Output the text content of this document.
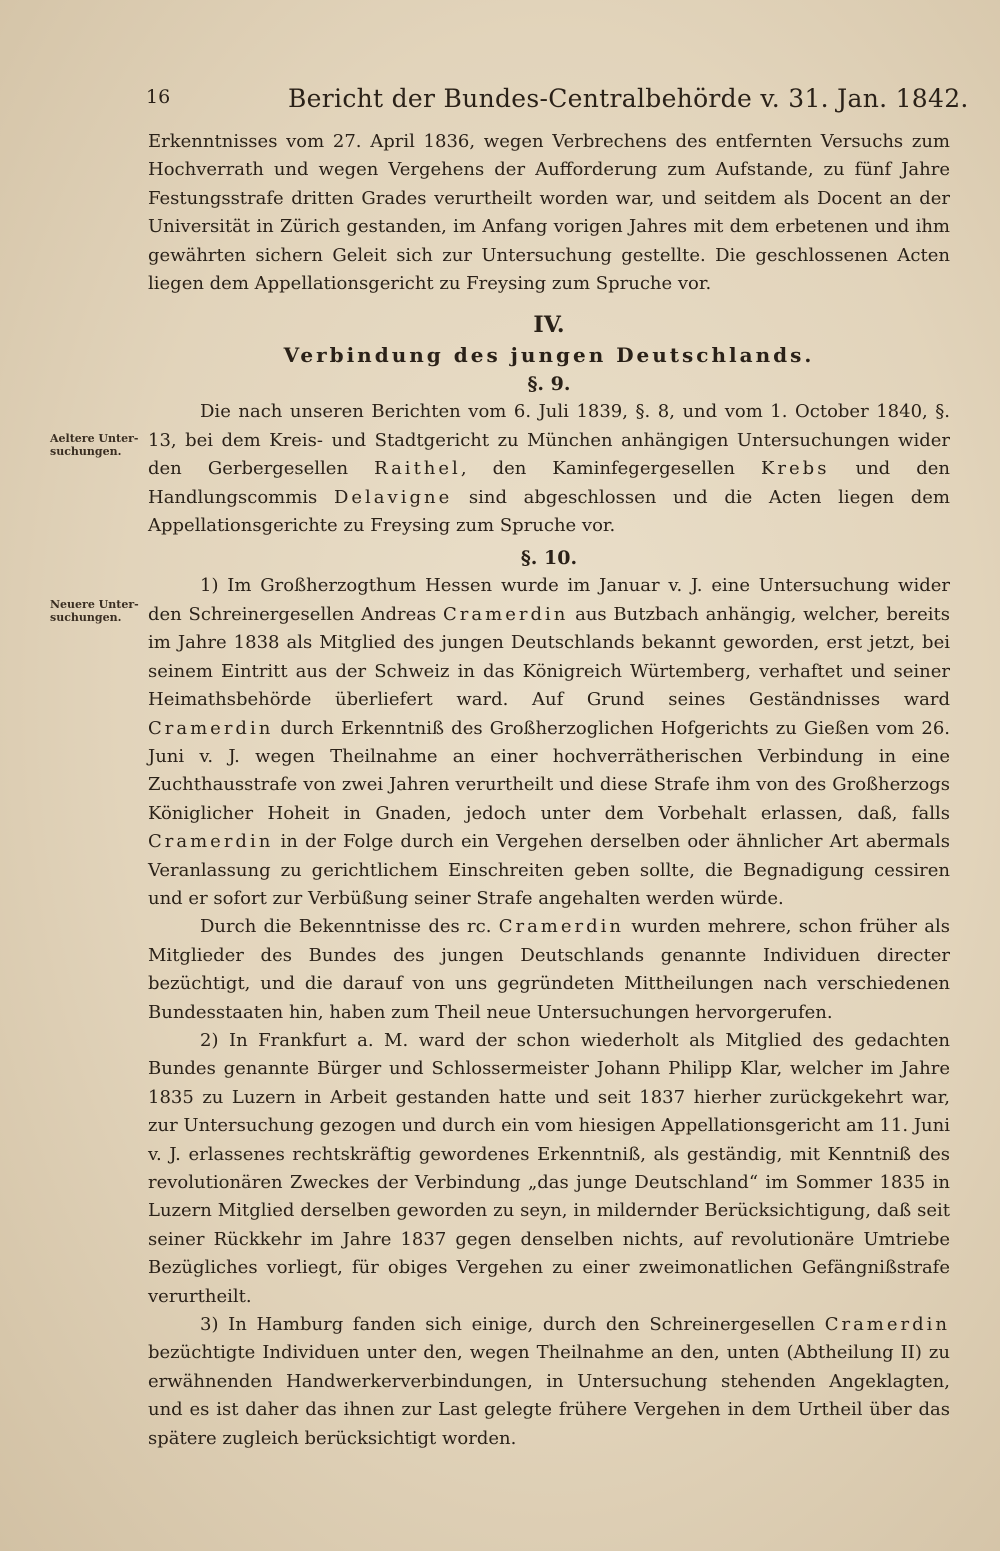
16	Bericht der Bundes-Centralbehörde v. 31. Jan. 1842.
Aeltere Unter-
suchungen.
Neuere Unter-
suchungen.

Erkenntnisses vom 27. April 1836, wegen Verbrechens des entfernten Versuchs zum Hochverrath und wegen Vergehens der Aufforderung zum Aufstande, zu fünf Jahre Festungsstrafe dritten Grades verurtheilt worden war, und seitdem als Docent an der Universität in Zürich gestanden, im Anfang vorigen Jahres mit dem erbetenen und ihm gewährten sichern Geleit sich zur Untersuchung gestellte. Die geschlossenen Acten liegen dem Appellationsgericht zu Freysing zum Spruche vor.

IV.

Verbindung des jungen Deutschlands.

§. 9.

Die nach unseren Berichten vom 6. Juli 1839, §. 8, und vom 1. October 1840, §. 13, bei dem Kreis- und Stadtgericht zu München anhängigen Untersuchungen wider den Gerbergesellen Raithel, den Kaminfegergesellen Krebs und den Handlungscommis Delavigne sind abgeschlossen und die Acten liegen dem Appellationsgerichte zu Freysing zum Spruche vor.

§. 10.

1) Im Großherzogthum Hessen wurde im Januar v. J. eine Untersuchung wider den Schreinergesellen Andreas Cramerdin aus Butzbach anhängig, welcher, bereits im Jahre 1838 als Mitglied des jungen Deutschlands bekannt geworden, erst jetzt, bei seinem Eintritt aus der Schweiz in das Königreich Würtemberg, verhaftet und seiner Heimathsbehörde überliefert ward. Auf Grund seines Geständnisses ward Cramerdin durch Erkenntniß des Großherzoglichen Hofgerichts zu Gießen vom 26. Juni v. J. wegen Theilnahme an einer hochverrätherischen Verbindung in eine Zuchthausstrafe von zwei Jahren verurtheilt und diese Strafe ihm von des Großherzogs Königlicher Hoheit in Gnaden, jedoch unter dem Vorbehalt erlassen, daß, falls Cramerdin in der Folge durch ein Vergehen derselben oder ähnlicher Art abermals Veranlassung zu gerichtlichem Einschreiten geben sollte, die Begnadigung cessiren und er sofort zur Verbüßung seiner Strafe angehalten werden würde.

Durch die Bekenntnisse des rc. Cramerdin wurden mehrere, schon früher als Mitglieder des Bundes des jungen Deutschlands genannte Individuen directer bezüchtigt, und die darauf von uns gegründeten Mittheilungen nach verschiedenen Bundesstaaten hin, haben zum Theil neue Untersuchungen hervorgerufen.

2) In Frankfurt a. M. ward der schon wiederholt als Mitglied des gedachten Bundes genannte Bürger und Schlossermeister Johann Philipp Klar, welcher im Jahre 1835 zu Luzern in Arbeit gestanden hatte und seit 1837 hierher zurückgekehrt war, zur Untersuchung gezogen und durch ein vom hiesigen Appellationsgericht am 11. Juni v. J. erlassenes rechtskräftig gewordenes Erkenntniß, als geständig, mit Kenntniß des revolutionären Zweckes der Verbindung „das junge Deutschland“ im Sommer 1835 in Luzern Mitglied derselben geworden zu seyn, in mildernder Berücksichtigung, daß seit seiner Rückkehr im Jahre 1837 gegen denselben nichts, auf revolutionäre Umtriebe Bezügliches vorliegt, für obiges Vergehen zu einer zweimonatlichen Gefängnißstrafe verurtheilt.

3) In Hamburg fanden sich einige, durch den Schreinergesellen Cramerdin bezüchtigte Individuen unter den, wegen Theilnahme an den, unten (Abtheilung II) zu erwähnenden Handwerkerverbindungen, in Untersuchung stehenden Angeklagten, und es ist daher das ihnen zur Last gelegte frühere Vergehen in dem Urtheil über das spätere zugleich berücksichtigt worden.
